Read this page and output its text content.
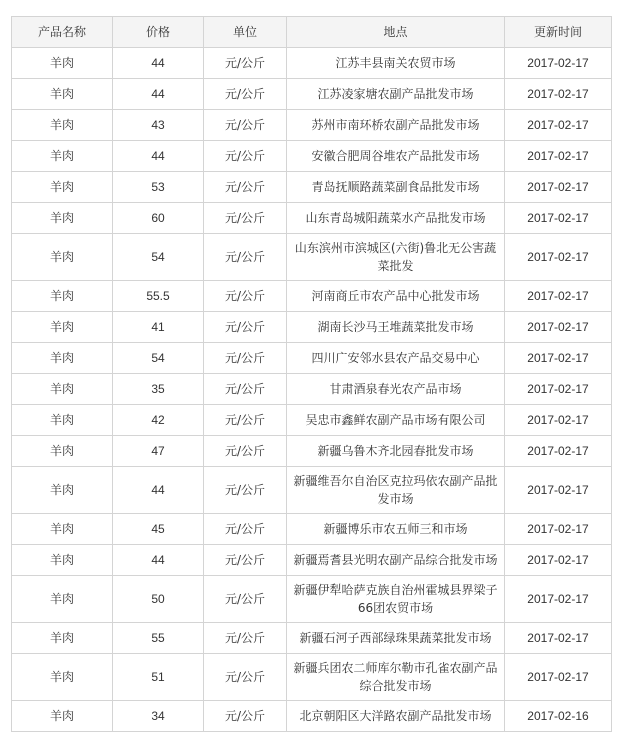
产品名称	价格	单位	地点	更新时间
羊肉	44	元/公斤	江苏丰县南关农贸市场	2017-02-17
羊肉	44	元/公斤	江苏凌家塘农副产品批发市场	2017-02-17
羊肉	43	元/公斤	苏州市南环桥农副产品批发市场	2017-02-17
羊肉	44	元/公斤	安徽合肥周谷堆农产品批发市场	2017-02-17
羊肉	53	元/公斤	青岛抚顺路蔬菜副食品批发市场	2017-02-17
羊肉	60	元/公斤	山东青岛城阳蔬菜水产品批发市场	2017-02-17
羊肉	54	元/公斤	山东滨州市滨城区(六街)鲁北无公害蔬菜批发	2017-02-17
羊肉	55.5	元/公斤	河南商丘市农产品中心批发市场	2017-02-17
羊肉	41	元/公斤	湖南长沙马王堆蔬菜批发市场	2017-02-17
羊肉	54	元/公斤	四川广安邻水县农产品交易中心	2017-02-17
羊肉	35	元/公斤	甘肃酒泉春光农产品市场	2017-02-17
羊肉	42	元/公斤	吴忠市鑫鲜农副产品市场有限公司	2017-02-17
羊肉	47	元/公斤	新疆乌鲁木齐北园春批发市场	2017-02-17
羊肉	44	元/公斤	新疆维吾尔自治区克拉玛依农副产品批发市场	2017-02-17
羊肉	45	元/公斤	新疆博乐市农五师三和市场	2017-02-17
羊肉	44	元/公斤	新疆焉耆县光明农副产品综合批发市场	2017-02-17
羊肉	50	元/公斤	新疆伊犁哈萨克族自治州霍城县界梁子66团农贸市场	2017-02-17
羊肉	55	元/公斤	新疆石河子西部绿珠果蔬菜批发市场	2017-02-17
羊肉	51	元/公斤	新疆兵团农二师库尔勒市孔雀农副产品综合批发市场	2017-02-17
羊肉	34	元/公斤	北京朝阳区大洋路农副产品批发市场	2017-02-16
